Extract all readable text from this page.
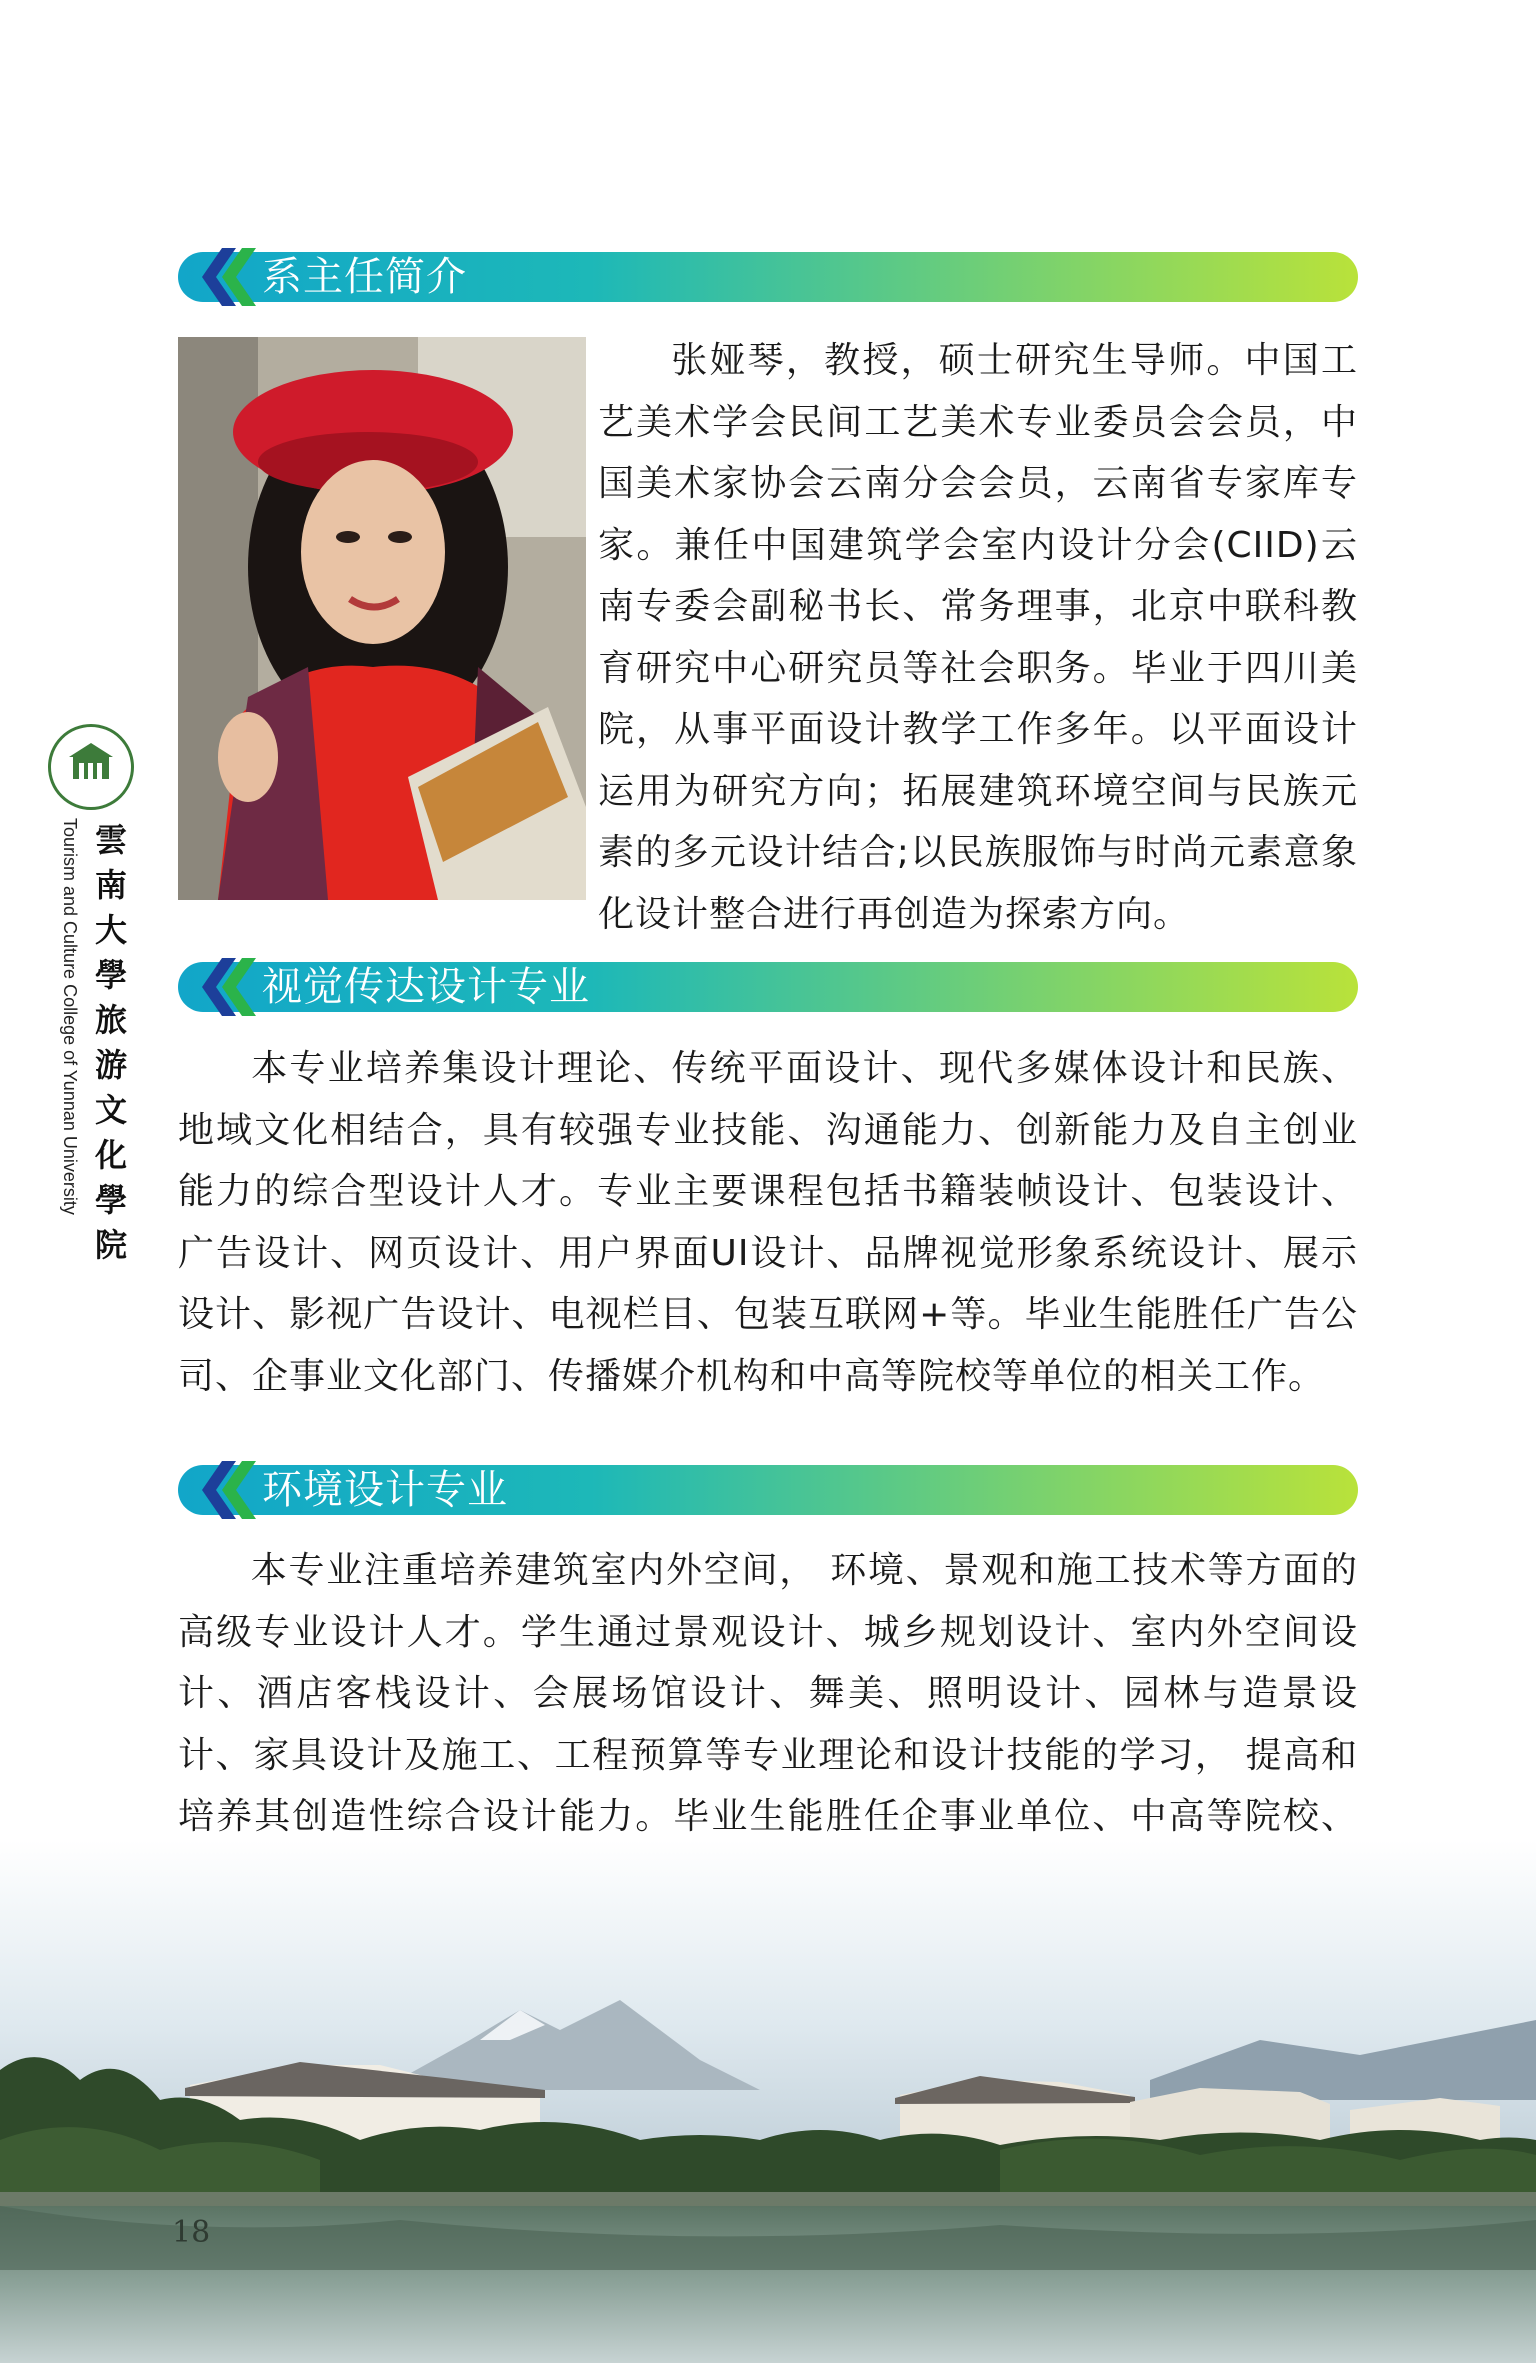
系主任简介
张娅琴，教授，硕士研究生导师。中国工艺美术学会民间工艺美术专业委员会会员，中国美术家协会云南分会会员，云南省专家库专家。兼任中国建筑学会室内设计分会(CIID)云南专委会副秘书长、常务理事，北京中联科教育研究中心研究员等社会职务。毕业于四川美院，从事平面设计教学工作多年。以平面设计运用为研究方向；拓展建筑环境空间与民族元素的多元设计结合;以民族服饰与时尚元素意象化设计整合进行再创造为探索方向。
视觉传达设计专业
本专业培养集设计理论、传统平面设计、现代多媒体设计和民族、地域文化相结合，具有较强专业技能、沟通能力、创新能力及自主创业能力的综合型设计人才。专业主要课程包括书籍装帧设计、包装设计、广告设计、网页设计、用户界面UI设计、品牌视觉形象系统设计、展示设计、影视广告设计、电视栏目、包装互联网+等。毕业生能胜任广告公司、企事业文化部门、传播媒介机构和中高等院校等单位的相关工作。
环境设计专业
本专业注重培养建筑室内外空间， 环境、景观和施工技术等方面的高级专业设计人才。学生通过景观设计、城乡规划设计、室内外空间设计、酒店客栈设计、会展场馆设计、舞美、照明设计、园林与造景设计、家具设计及施工、工程预算等专业理论和设计技能的学习， 提高和培养其创造性综合设计能力。毕业生能胜任企事业单位、中高等院校、
Tourism and Culture College of Yunnan University 雲南大學旅游文化學院
18
